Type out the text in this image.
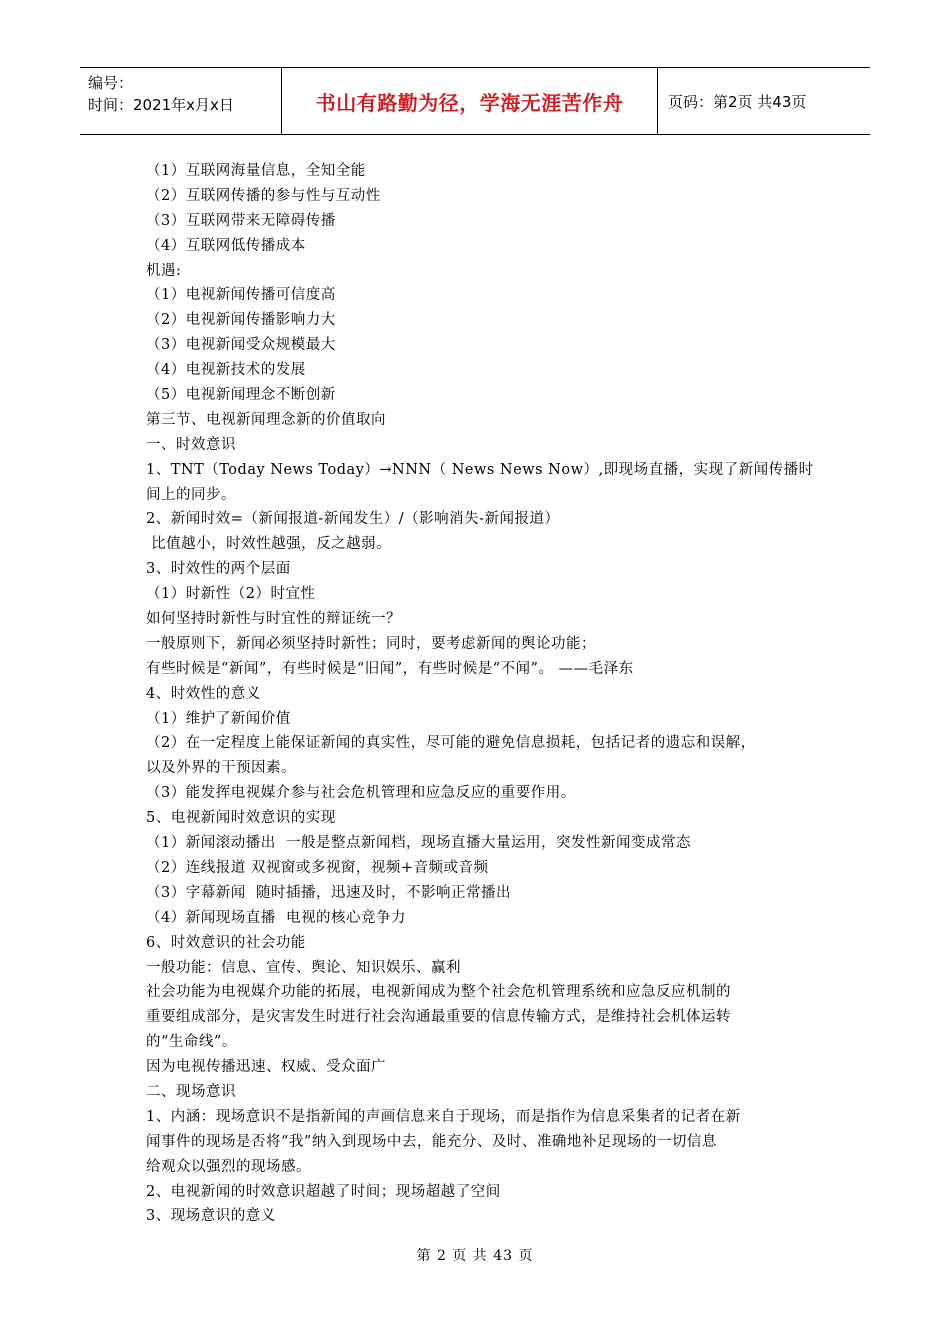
编号：
时间：2021年x月x日	书山有路勤为径，学海无涯苦作舟	页码：第2页 共43页
（1）互联网海量信息，全知全能
（2）互联网传播的参与性与互动性
（3）互联网带来无障碍传播
（4）互联网低传播成本
机遇:
（1）电视新闻传播可信度高
（2）电视新闻传播影响力大
（3）电视新闻受众规模最大
（4）电视新技术的发展
（5）电视新闻理念不断创新
第三节、电视新闻理念新的价值取向
一、时效意识
1、TNT（Today News Today）→NNN（ News News Now）,即现场直播，实现了新闻传播时
间上的同步。
2、新闻时效=（新闻报道-新闻发生）/（影响消失-新闻报道）
比值越小，时效性越强，反之越弱。
3、时效性的两个层面
（1）时新性（2）时宜性
如何坚持时新性与时宜性的辩证统一？
一般原则下，新闻必须坚持时新性；同时，要考虑新闻的舆论功能；
有些时候是“新闻”，有些时候是“旧闻”，有些时候是“不闻”。 ——毛泽东
4、时效性的意义
（1）维护了新闻价值
（2）在一定程度上能保证新闻的真实性，尽可能的避免信息损耗，包括记者的遗忘和误解，
以及外界的干预因素。
（3）能发挥电视媒介参与社会危机管理和应急反应的重要作用。
5、电视新闻时效意识的实现
（1）新闻滚动播出  一般是整点新闻档，现场直播大量运用，突发性新闻变成常态
（2）连线报道 双视窗或多视窗，视频+音频或音频
（3）字幕新闻  随时插播，迅速及时，不影响正常播出
（4）新闻现场直播  电视的核心竞争力
6、时效意识的社会功能
一般功能：信息、宣传、舆论、知识娱乐、赢利
社会功能为电视媒介功能的拓展，电视新闻成为整个社会危机管理系统和应急反应机制的
重要组成部分，是灾害发生时进行社会沟通最重要的信息传输方式，是维持社会机体运转
的“生命线”。
因为电视传播迅速、权威、受众面广
二、现场意识
1、内涵：现场意识不是指新闻的声画信息来自于现场，而是指作为信息采集者的记者在新
闻事件的现场是否将“我”纳入到现场中去，能充分、及时、准确地补足现场的一切信息
给观众以强烈的现场感。
2、电视新闻的时效意识超越了时间；现场超越了空间
3、现场意识的意义
第 2 页 共 43 页
